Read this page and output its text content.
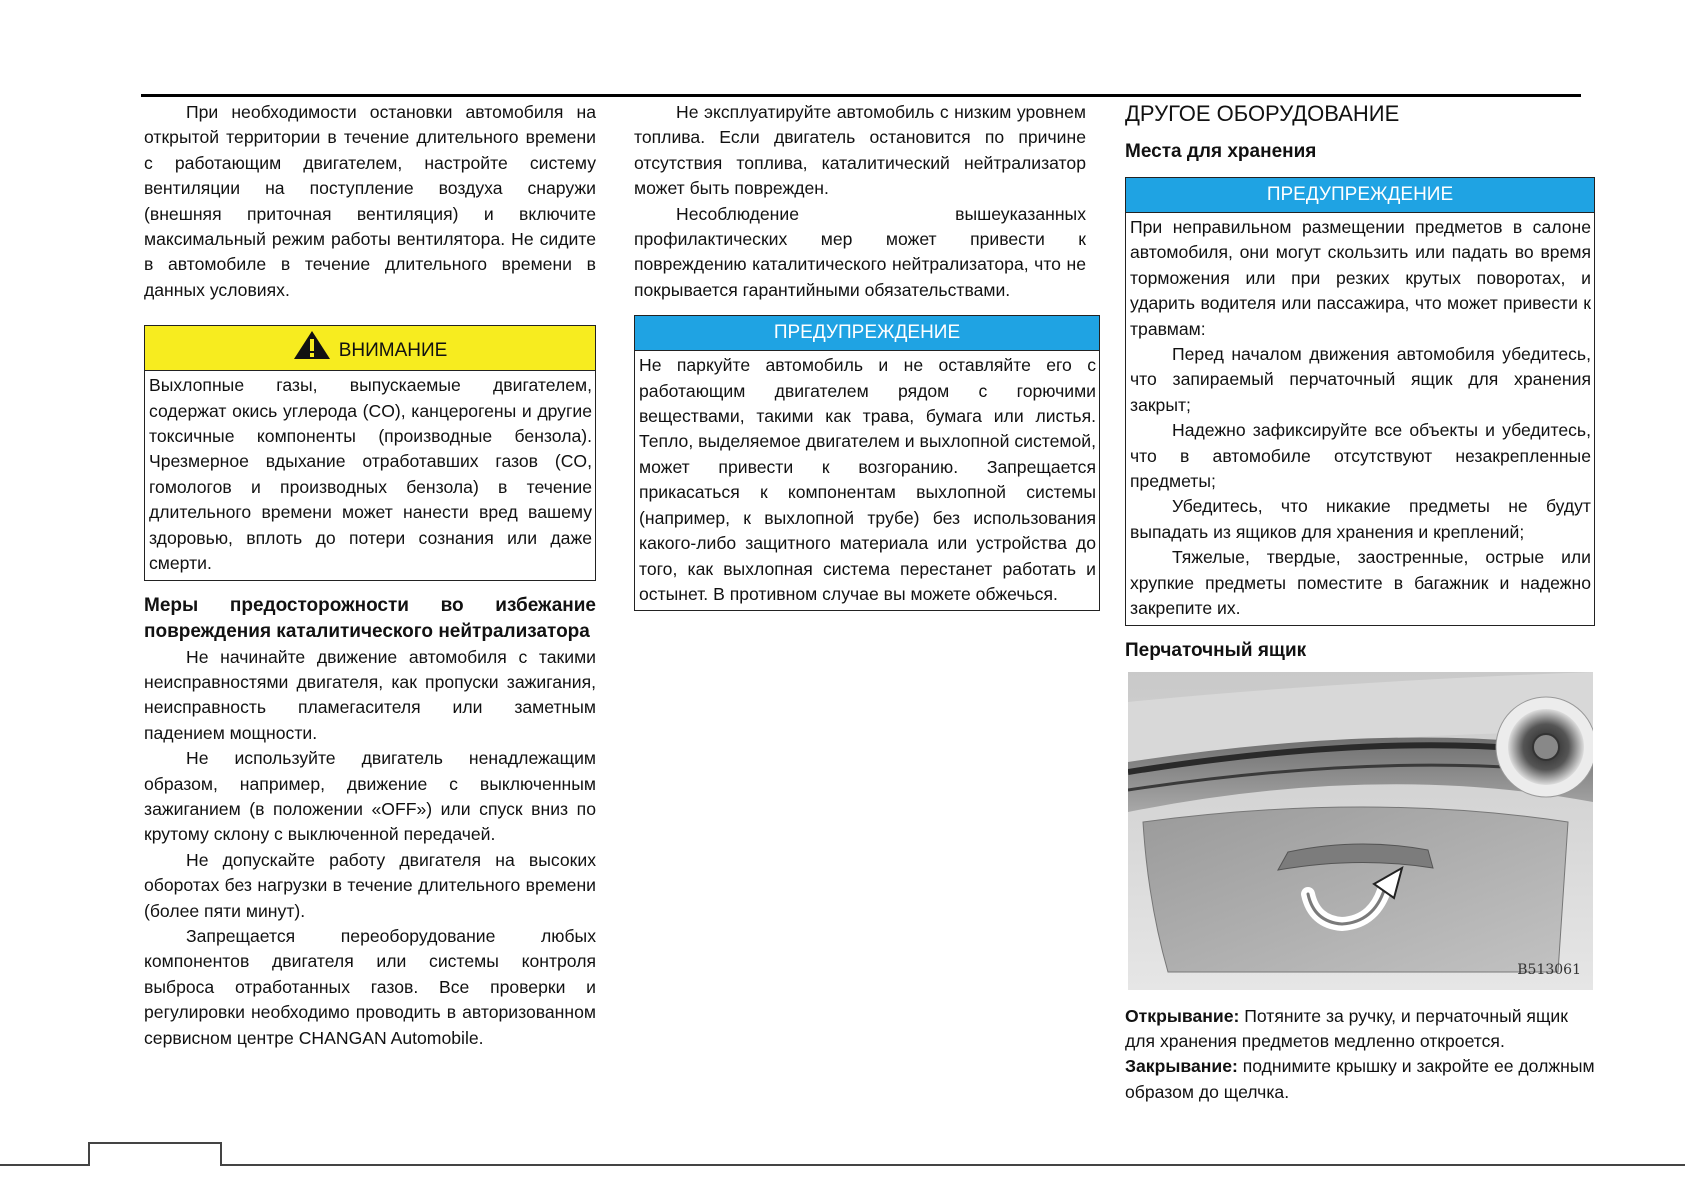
При необходимости остановки автомобиля на открытой территории в течение длительного времени с работающим двигателем, настройте систему вентиляции на поступление воздуха снаружи (внешняя приточная вентиляция) и включите максимальный режим работы вентилятора. Не сидите в автомобиле в течение длительного времени в данных условиях.

ВНИМАНИЕ

Выхлопные газы, выпускаемые двигателем, содержат окись углерода (CO), канцерогены и другие токсичные компоненты (производные бензола). Чрезмерное вдыхание отработавших газов (CO, гомологов и производных бензола) в течение длительного времени может нанести вред вашему здоровью, вплоть до потери сознания или даже смерти.

Меры предосторожности во избежание повреждения каталитического нейтрализатора

Не начинайте движение автомобиля с такими неисправностями двигателя, как пропуски зажигания, неисправность пламегасителя или заметным падением мощности.

Не используйте двигатель ненадлежащим образом, например, движение с выключенным зажиганием (в положении «OFF») или спуск вниз по крутому склону с выключенной передачей.

Не допускайте работу двигателя на высоких оборотах без нагрузки в течение длительного времени (более пяти минут).

Запрещается переоборудование любых компонентов двигателя или системы контроля выброса отработанных газов. Все проверки и регулировки необходимо проводить в авторизованном сервисном центре CHANGAN Automobile.

Не эксплуатируйте автомобиль с низким уровнем топлива. Если двигатель остановится по причине отсутствия топлива, каталитический нейтрализатор может быть поврежден.

Несоблюдение вышеуказанных профилактических мер может привести к повреждению каталитического нейтрализатора, что не покрывается гарантийными обязательствами.

ПРЕДУПРЕЖДЕНИЕ

Не паркуйте автомобиль и не оставляйте его с работающим двигателем рядом с горючими веществами, такими как трава, бумага или листья. Тепло, выделяемое двигателем и выхлопной системой, может привести к возгоранию. Запрещается прикасаться к компонентам выхлопной системы (например, к выхлопной трубе) без использования какого-либо защитного материала или устройства до того, как выхлопная система перестанет работать и остынет. В противном случае вы можете обжечься.

ДРУГОЕ ОБОРУДОВАНИЕ
Места для хранения
ПРЕДУПРЕЖДЕНИЕ

При неправильном размещении предметов в салоне автомобиля, они могут скользить или падать во время торможения или при резких крутых поворотах, и ударить водителя или пассажира, что может привести к травмам:

Перед началом движения автомобиля убедитесь, что запираемый перчаточный ящик для хранения закрыт;

Надежно зафиксируйте все объекты и убедитесь, что в автомобиле отсутствуют незакрепленные предметы;

Убедитесь, что никакие предметы не будут выпадать из ящиков для хранения и креплений;

Тяжелые, твердые, заостренные, острые или хрупкие предметы поместите в багажник и надежно закрепите их.

Перчаточный ящик
B513061

Открывание: Потяните за ручку, и перчаточный ящик для хранения предметов медленно откроется.

Закрывание: поднимите крышку и закройте ее должным образом до щелчка.
